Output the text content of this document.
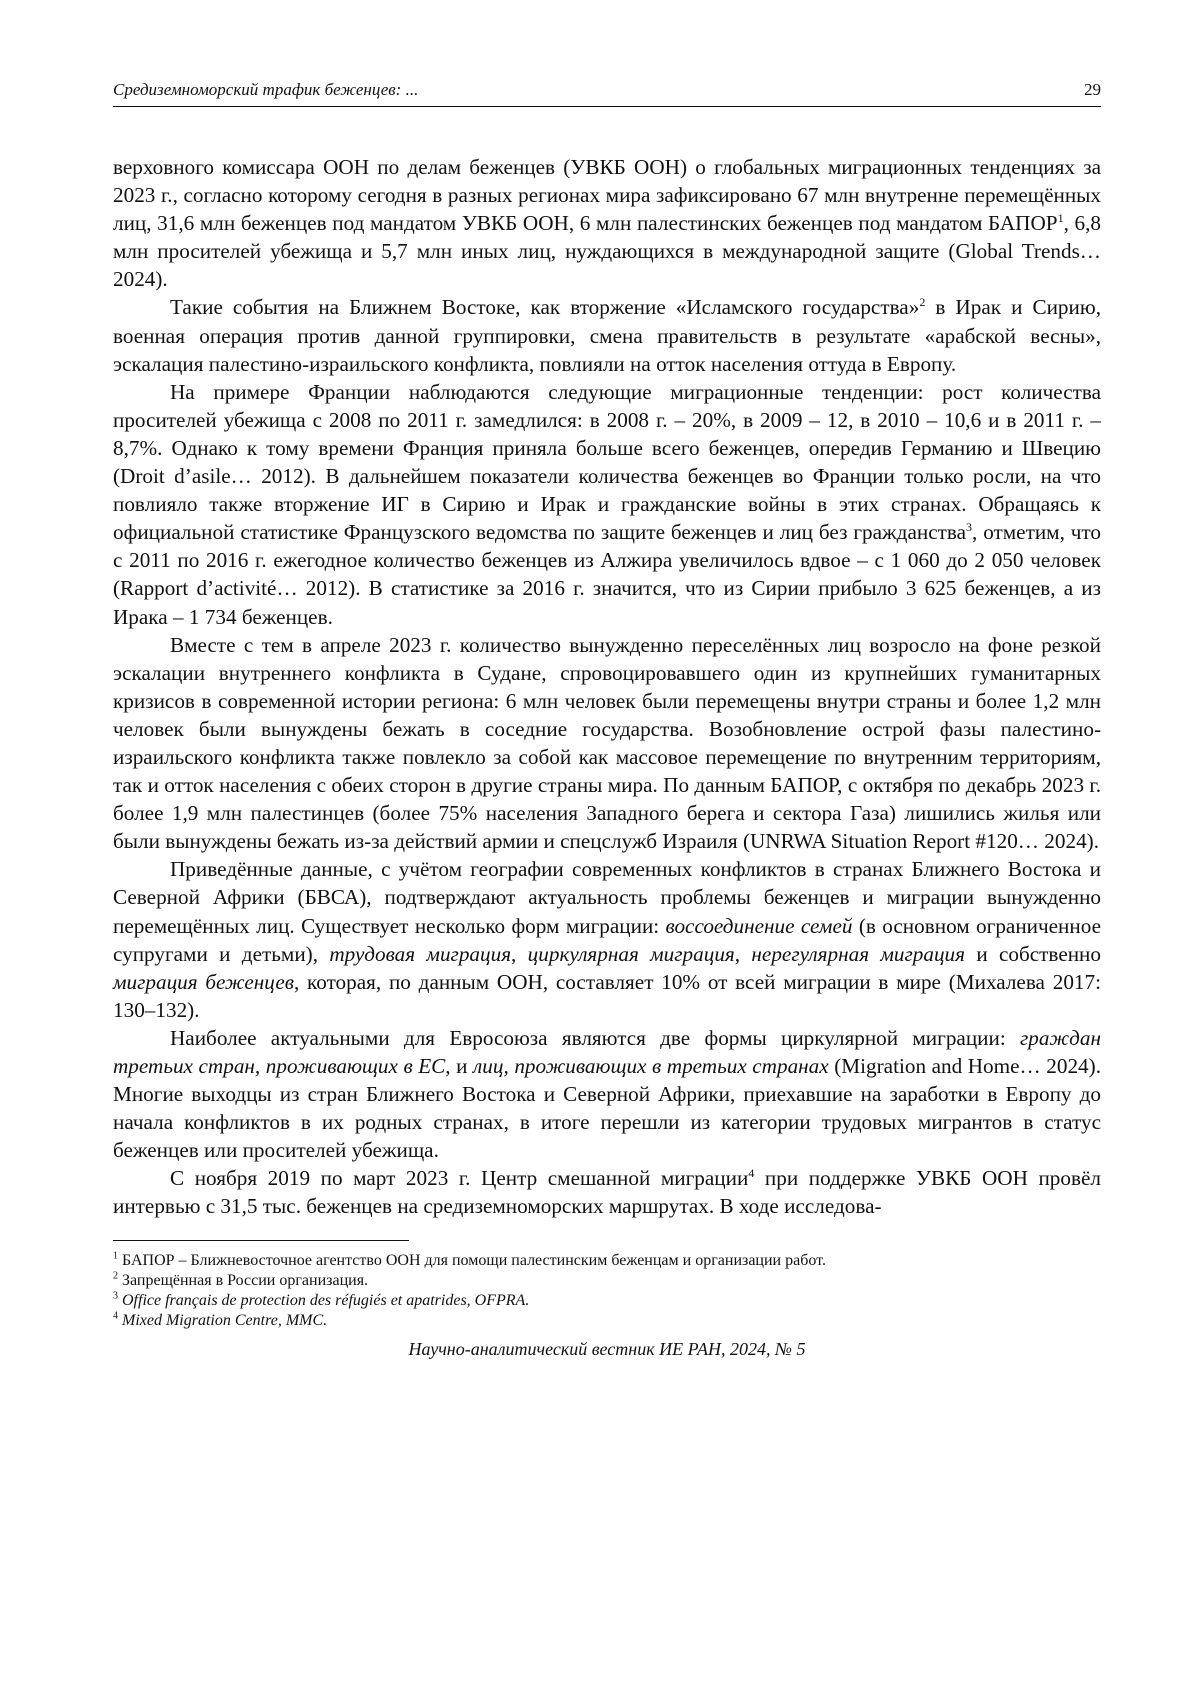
Средиземноморский трафик беженцев: ...	29

верховного комиссара ООН по делам беженцев (УВКБ ООН) о глобальных миграционных тенденциях за 2023 г., согласно которому сегодня в разных регионах мира зафиксировано 67 млн внутренне перемещённых лиц, 31,6 млн беженцев под мандатом УВКБ ООН, 6 млн палестинских беженцев под мандатом БАПОР$^1$, 6,8 млн просителей убежища и 5,7 млн иных лиц, нуждающихся в международной защите (Global Trends… 2024).

Такие события на Ближнем Востоке, как вторжение «Исламского государства»$^2$ в Ирак и Сирию, военная операция против данной группировки, смена правительств в результате «арабской весны», эскалация палестино-израильского конфликта, повлияли на отток населения оттуда в Европу.

На примере Франции наблюдаются следующие миграционные тенденции: рост количества просителей убежища с 2008 по 2011 г. замедлился: в 2008 г. – 20%, в 2009 – 12, в 2010 – 10,6 и в 2011 г. – 8,7%. Однако к тому времени Франция приняла больше всего беженцев, опередив Германию и Швецию (Droit d’asile… 2012). В дальнейшем показатели количества беженцев во Франции только росли, на что повлияло также вторжение ИГ в Сирию и Ирак и гражданские войны в этих странах. Обращаясь к официальной статистике Французского ведомства по защите беженцев и лиц без гражданства$^3$, отметим, что с 2011 по 2016 г. ежегодное количество беженцев из Алжира увеличилось вдвое – с 1 060 до 2 050 человек (Rapport d’activité… 2012). В статистике за 2016 г. значится, что из Сирии прибыло 3 625 беженцев, а из Ирака – 1 734 беженцев.

Вместе с тем в апреле 2023 г. количество вынужденно переселённых лиц возросло на фоне резкой эскалации внутреннего конфликта в Судане, спровоцировавшего один из крупнейших гуманитарных кризисов в современной истории региона: 6 млн человек были перемещены внутри страны и более 1,2 млн человек были вынуждены бежать в соседние государства. Возобновление острой фазы палестино-израильского конфликта также повлекло за собой как массовое перемещение по внутренним территориям, так и отток населения с обеих сторон в другие страны мира. По данным БАПОР, с октября по декабрь 2023 г. более 1,9 млн палестинцев (более 75% населения Западного берега и сектора Газа) лишились жилья или были вынуждены бежать из-за действий армии и спецслужб Израиля (UNRWA Situation Report #120… 2024).

Приведённые данные, с учётом географии современных конфликтов в странах Ближнего Востока и Северной Африки (БВСА), подтверждают актуальность проблемы беженцев и миграции вынужденно перемещённых лиц. Существует несколько форм миграции: воссоединение семей (в основном ограниченное супругами и детьми), трудовая миграция, циркулярная миграция, нерегулярная миграция и собственно миграция беженцев, которая, по данным ООН, составляет 10% от всей миграции в мире (Михалева 2017: 130–132).

Наиболее актуальными для Евросоюза являются две формы циркулярной миграции: граждан третьих стран, проживающих в ЕС, и лиц, проживающих в третьих странах (Migration and Home… 2024). Многие выходцы из стран Ближнего Востока и Северной Африки, приехавшие на заработки в Европу до начала конфликтов в их родных странах, в итоге перешли из категории трудовых мигрантов в статус беженцев или просителей убежища.

С ноября 2019 по март 2023 г. Центр смешанной миграции$^4$ при поддержке УВКБ ООН провёл интервью с 31,5 тыс. беженцев на средиземноморских маршрутах. В ходе исследова-

$^1$ БАПОР – Ближневосточное агентство ООН для помощи палестинским беженцам и организации работ.
$^2$ Запрещённая в России организация.
$^3$ Office français de protection des réfugiés et apatrides, OFPRA.
$^4$ Mixed Migration Centre, MMC.
Научно-аналитический вестник ИЕ РАН, 2024, № 5
